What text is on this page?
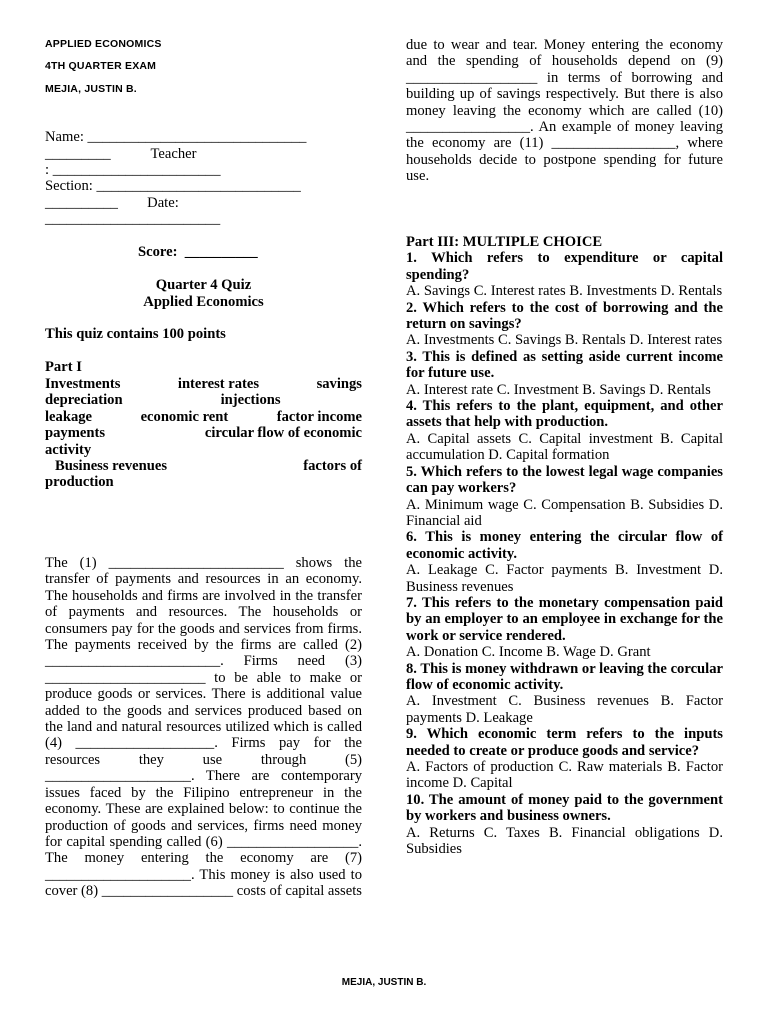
APPLIED ECONOMICS
4TH QUARTER EXAM
MEJIA, JUSTIN B.
Name: ______________________________
_________           Teacher
: _______________________
Section: ____________________________
__________        Date:
________________________
Score:  __________
Quarter 4 Quiz
Applied Economics
This quiz contains 100 points
Part I
Investments	interest rates	savings
depreciation	injections
leakage	economic rent	factor income
payments	circular flow of economic
activity
Business revenues	factors of
production

The (1) ________________________ shows the transfer of payments and resources in an economy. The households and firms are involved in the transfer of payments and resources. The households or consumers pay for the goods and services from firms. The payments received by the firms are called (2) ________________________. Firms need (3) ______________________ to be able to make or produce goods or services. There is additional value added to the goods and services produced based on the land and natural resources utilized which is called (4) ___________________. Firms pay for the resources they use through (5) ____________________. There are contemporary issues faced by the Filipino entrepreneur in the economy. These are explained below: to continue the production of goods and services, firms need money for capital spending called (6) __________________. The money entering the economy are (7) ____________________. This money is also used to cover (8) __________________ costs of capital assets

due to wear and tear. Money entering the economy and the spending of households depend on (9) __________________ in terms of borrowing and building up of savings respectively. But there is also money leaving the economy which are called (10) _________________. An example of money leaving the economy are (11) _________________, where households decide to postpone spending for future use.

Part III: MULTIPLE CHOICE

1. Which refers to expenditure or capital spending?

A. Savings C. Interest rates B. Investments D. Rentals

2. Which refers to the cost of borrowing and the return on savings?

A. Investments C. Savings B. Rentals D. Interest rates

3. This is defined as setting aside current income for future use.

A. Interest rate C. Investment B. Savings D. Rentals

4. This refers to the plant, equipment, and other assets that help with production.

A. Capital assets C. Capital investment B. Capital accumulation D. Capital formation

5. Which refers to the lowest legal wage companies can pay workers?

A. Minimum wage C. Compensation B. Subsidies D. Financial aid

6. This is money entering the circular flow of economic activity.

A. Leakage C. Factor payments B. Investment D. Business revenues

7. This refers to the monetary compensation paid by an employer to an employee in exchange for the work or service rendered.

A. Donation C. Income B. Wage D. Grant

8. This is money withdrawn or leaving the corcular flow of economic activity.

A. Investment C. Business revenues B. Factor payments D. Leakage

9. Which economic term refers to the inputs needed to create or produce goods and service?

A. Factors of production C. Raw materials B. Factor income D. Capital

10. The amount of money paid to the government by workers and business owners.

A. Returns C. Taxes B. Financial obligations D. Subsidies

MEJIA, JUSTIN B.
